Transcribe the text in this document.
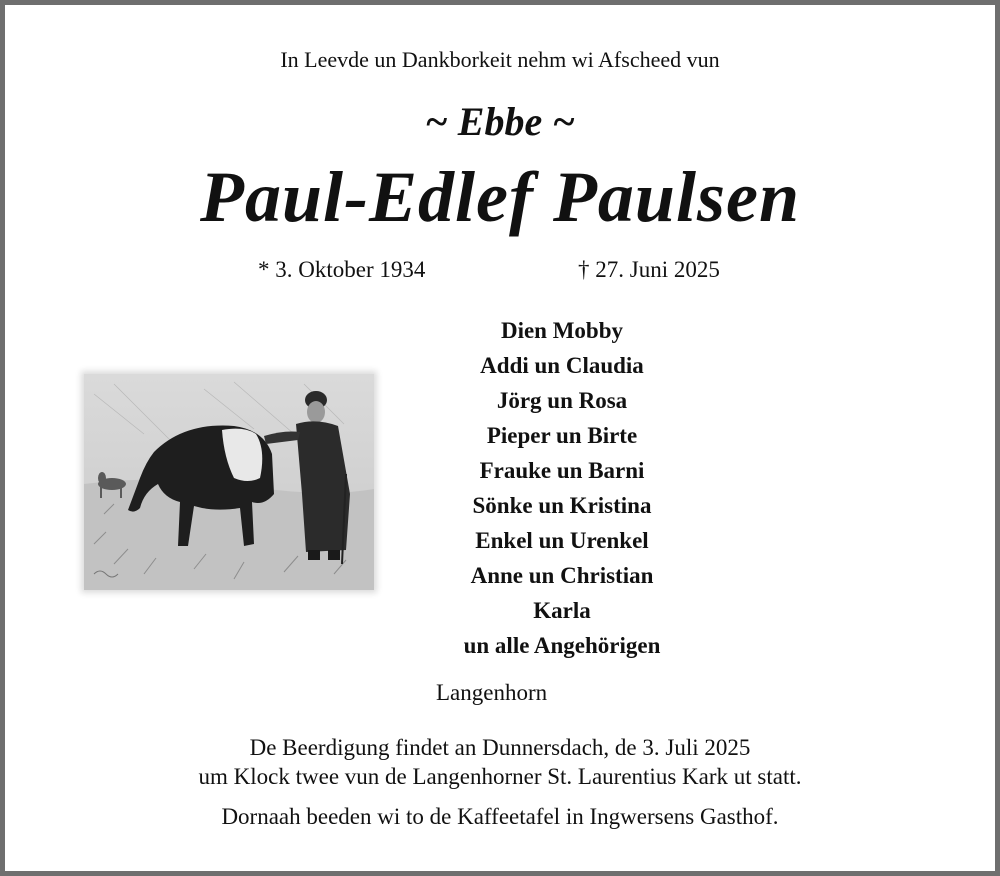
In Leevde un Dankborkeit nehm wi Afscheed vun
~ Ebbe ~
Paul-Edlef Paulsen
* 3. Oktober 1934	† 27. Juni 2025
Dien Mobby
Addi un Claudia
Jörg un Rosa
Pieper un Birte
Frauke un Barni
Sönke un Kristina
Enkel un Urenkel
Anne un Christian
Karla
un alle Angehörigen
Langenhorn
De Beerdigung findet an Dunnersdach, de 3. Juli 2025
um Klock twee vun de Langenhorner St. Laurentius Kark ut statt.
Dornaah beeden wi to de Kaffeetafel in Ingwersens Gasthof.
